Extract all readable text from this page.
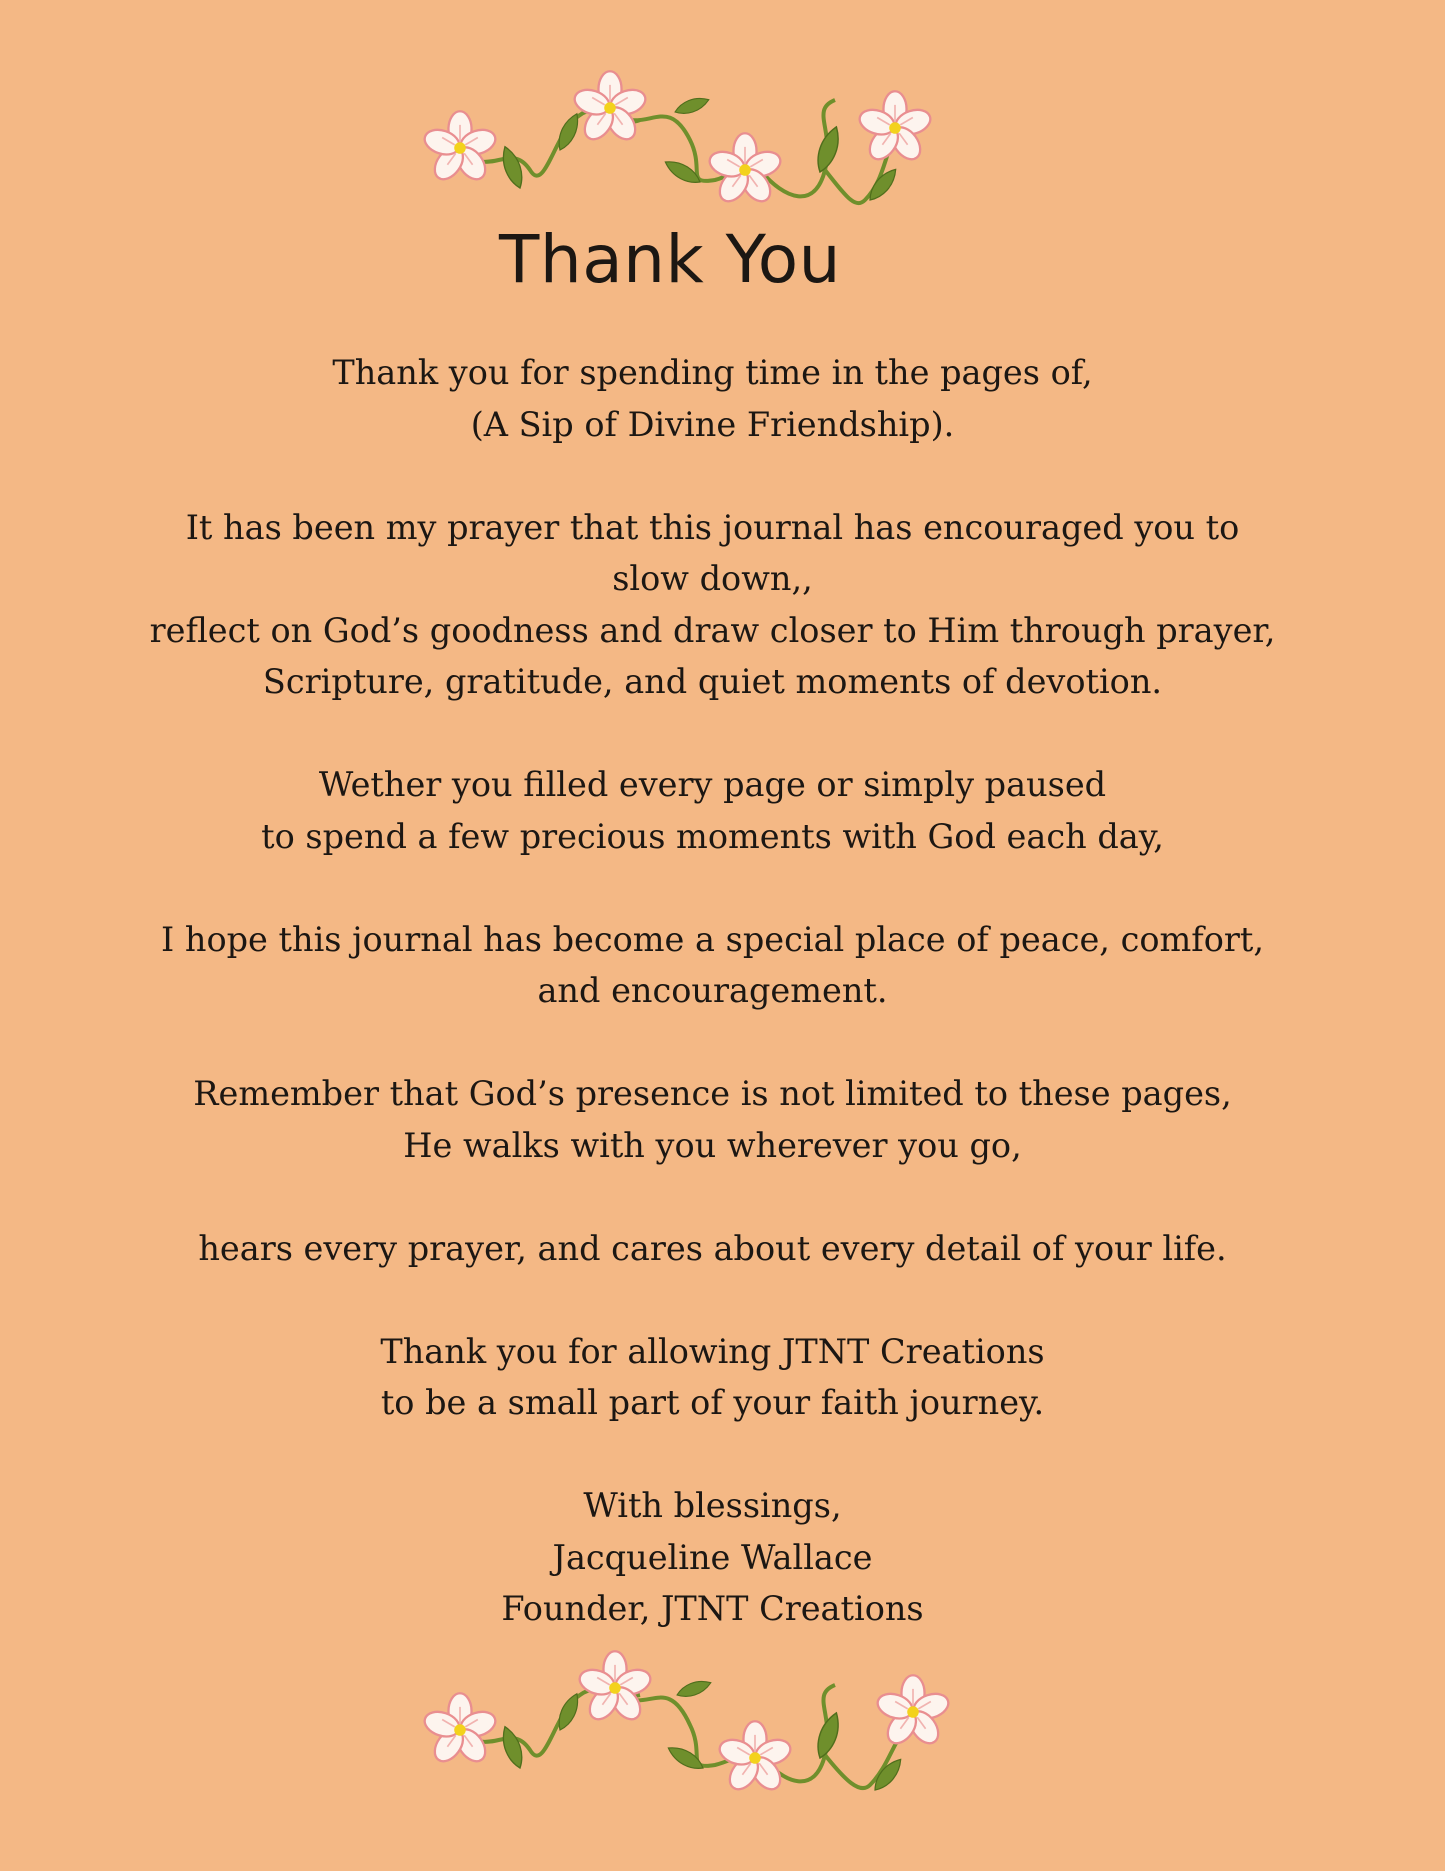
Thank You
Thank you for spending time in the pages of,
(A Sip of Divine Friendship).
It has been my prayer that this journal has encouraged you to
slow down,,
reflect on God’s goodness and draw closer to Him through prayer,
Scripture, gratitude, and quiet moments of devotion.
Wether you filled every page or simply paused
to spend a few precious moments with God each day,
I hope this journal has become a special place of peace, comfort,
and encouragement.
Remember that God’s presence is not limited to these pages,
He walks with you wherever you go,
hears every prayer, and cares about every detail of your life.
Thank you for allowing JTNT Creations
to be a small part of your faith journey.
With blessings,
Jacqueline Wallace
Founder, JTNT Creations
